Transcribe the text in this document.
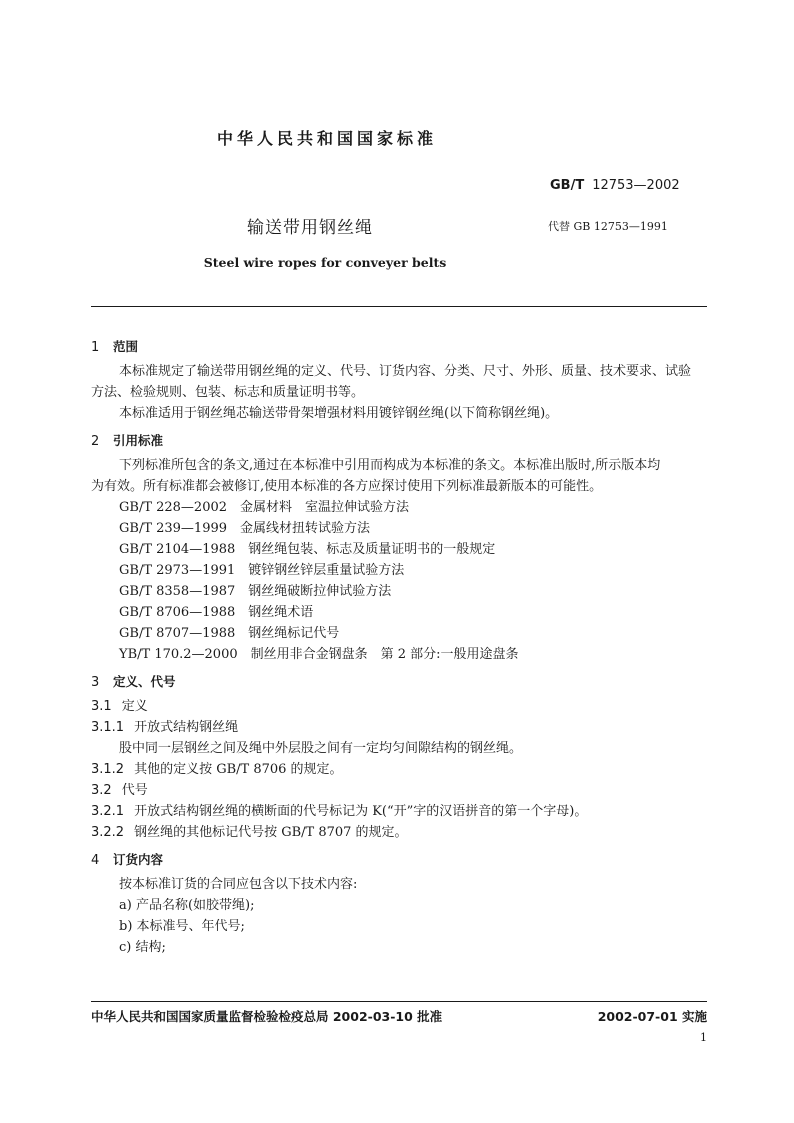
中华人民共和国国家标准
GB/T 12753—2002
输送带用钢丝绳	代替 GB 12753—1991
Steel wire ropes for conveyer belts
1 范围
本标准规定了输送带用钢丝绳的定义、代号、订货内容、分类、尺寸、外形、质量、技术要求、试验
方法、检验规则、包装、标志和质量证明书等。
本标准适用于钢丝绳芯输送带骨架增强材料用镀锌钢丝绳(以下简称钢丝绳)。
2 引用标准
下列标准所包含的条文,通过在本标准中引用而构成为本标准的条文。本标准出版时,所示版本均
为有效。所有标准都会被修订,使用本标准的各方应探讨使用下列标准最新版本的可能性。
GB/T 228—2002　金属材料　室温拉伸试验方法
GB/T 239—1999　金属线材扭转试验方法
GB/T 2104—1988　钢丝绳包装、标志及质量证明书的一般规定
GB/T 2973—1991　镀锌钢丝锌层重量试验方法
GB/T 8358—1987　钢丝绳破断拉伸试验方法
GB/T 8706—1988　钢丝绳术语
GB/T 8707—1988　钢丝绳标记代号
YB/T 170.2—2000　制丝用非合金钢盘条　第 2 部分:一般用途盘条
3 定义、代号
3.1 定义
3.1.1 开放式结构钢丝绳
股中同一层钢丝之间及绳中外层股之间有一定均匀间隙结构的钢丝绳。
3.1.2 其他的定义按 GB/T 8706 的规定。
3.2 代号
3.2.1 开放式结构钢丝绳的横断面的代号标记为 K(“开”字的汉语拼音的第一个字母)。
3.2.2 钢丝绳的其他标记代号按 GB/T 8707 的规定。
4 订货内容
按本标准订货的合同应包含以下技术内容:
a) 产品名称(如胶带绳);
b) 本标准号、年代号;
c) 结构;
中华人民共和国国家质量监督检验检疫总局 2002-03-10 批准	2002-07-01 实施
1
